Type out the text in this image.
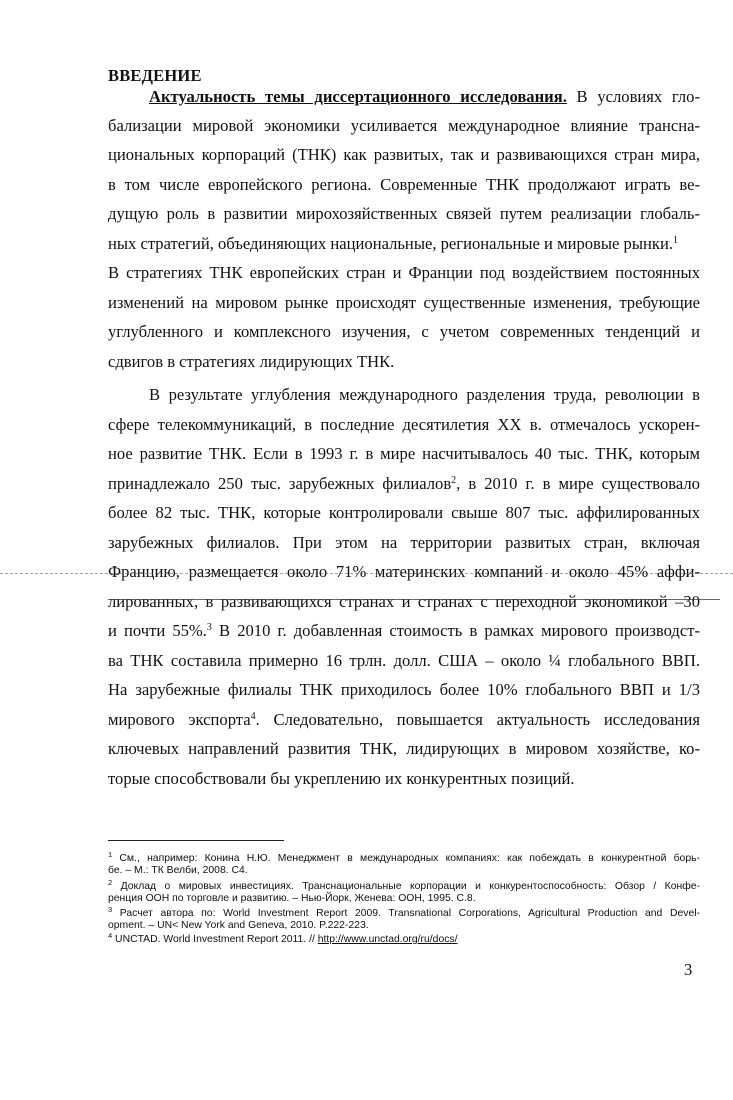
ВВЕДЕНИЕ
Актуальность темы диссертационного исследования. В условиях гло-
бализации мировой экономики усиливается международное влияние трансна-
циональных корпораций (ТНК) как развитых, так и развивающихся стран мира,
в том числе европейского региона. Современные ТНК продолжают играть ве-
дущую роль в развитии мирохозяйственных связей путем реализации глобаль-
ных стратегий, объединяющих национальные, региональные и мировые рынки.$^1$
В стратегиях ТНК европейских стран и Франции под воздействием постоянных
изменений на мировом рынке происходят существенные изменения, требующие
углубленного и комплексного изучения, с учетом современных тенденций и
сдвигов в стратегиях лидирующих ТНК.
В результате углубления международного разделения труда, революции в
сфере телекоммуникаций, в последние десятилетия XX в. отмечалось ускорен-
ное развитие ТНК. Если в 1993 г. в мире насчитывалось 40 тыс. ТНК, которым
принадлежало 250 тыс. зарубежных филиалов$^2$, в 2010 г. в мире существовало
более 82 тыс. ТНК, которые контролировали свыше 807 тыс. аффилированных
зарубежных филиалов. При этом на территории развитых стран, включая
Францию, размещается около 71% материнских компаний и около 45% аффи-
лированных, в развивающихся странах и странах с переходной экономикой –30
и почти 55%.$^3$ В 2010 г. добавленная стоимость в рамках мирового производст-
ва ТНК составила примерно 16 трлн. долл. США – около ¼ глобального ВВП.
На зарубежные филиалы ТНК приходилось более 10% глобального ВВП и 1/3
мирового экспорта$^4$. Следовательно, повышается актуальность исследования
ключевых направлений развития ТНК, лидирующих в мировом хозяйстве, ко-
торые способствовали бы укреплению их конкурентных позиций.
$^1$ См., например: Конина Н.Ю. Менеджмент в международных компаниях: как побеждать в конкурентной борь-
бе. – М.: ТК Велби, 2008. С4.
$^2$ Доклад о мировых инвестициях. Транснациональные корпорации и конкурентоспособность: Обзор / Конфе-
ренция ООН по торговле и развитию. – Нью-Йорк, Женева: ООН, 1995. С.8.
$^3$ Расчет автора по: World Investment Report 2009. Transnational Corporations, Agricultural Production and Devel-
opment. – UN< New York and Geneva, 2010. P.222-223.
$^4$ UNCTAD. World Investment Report 2011. // http://www.unctad.org/ru/docs/
3
